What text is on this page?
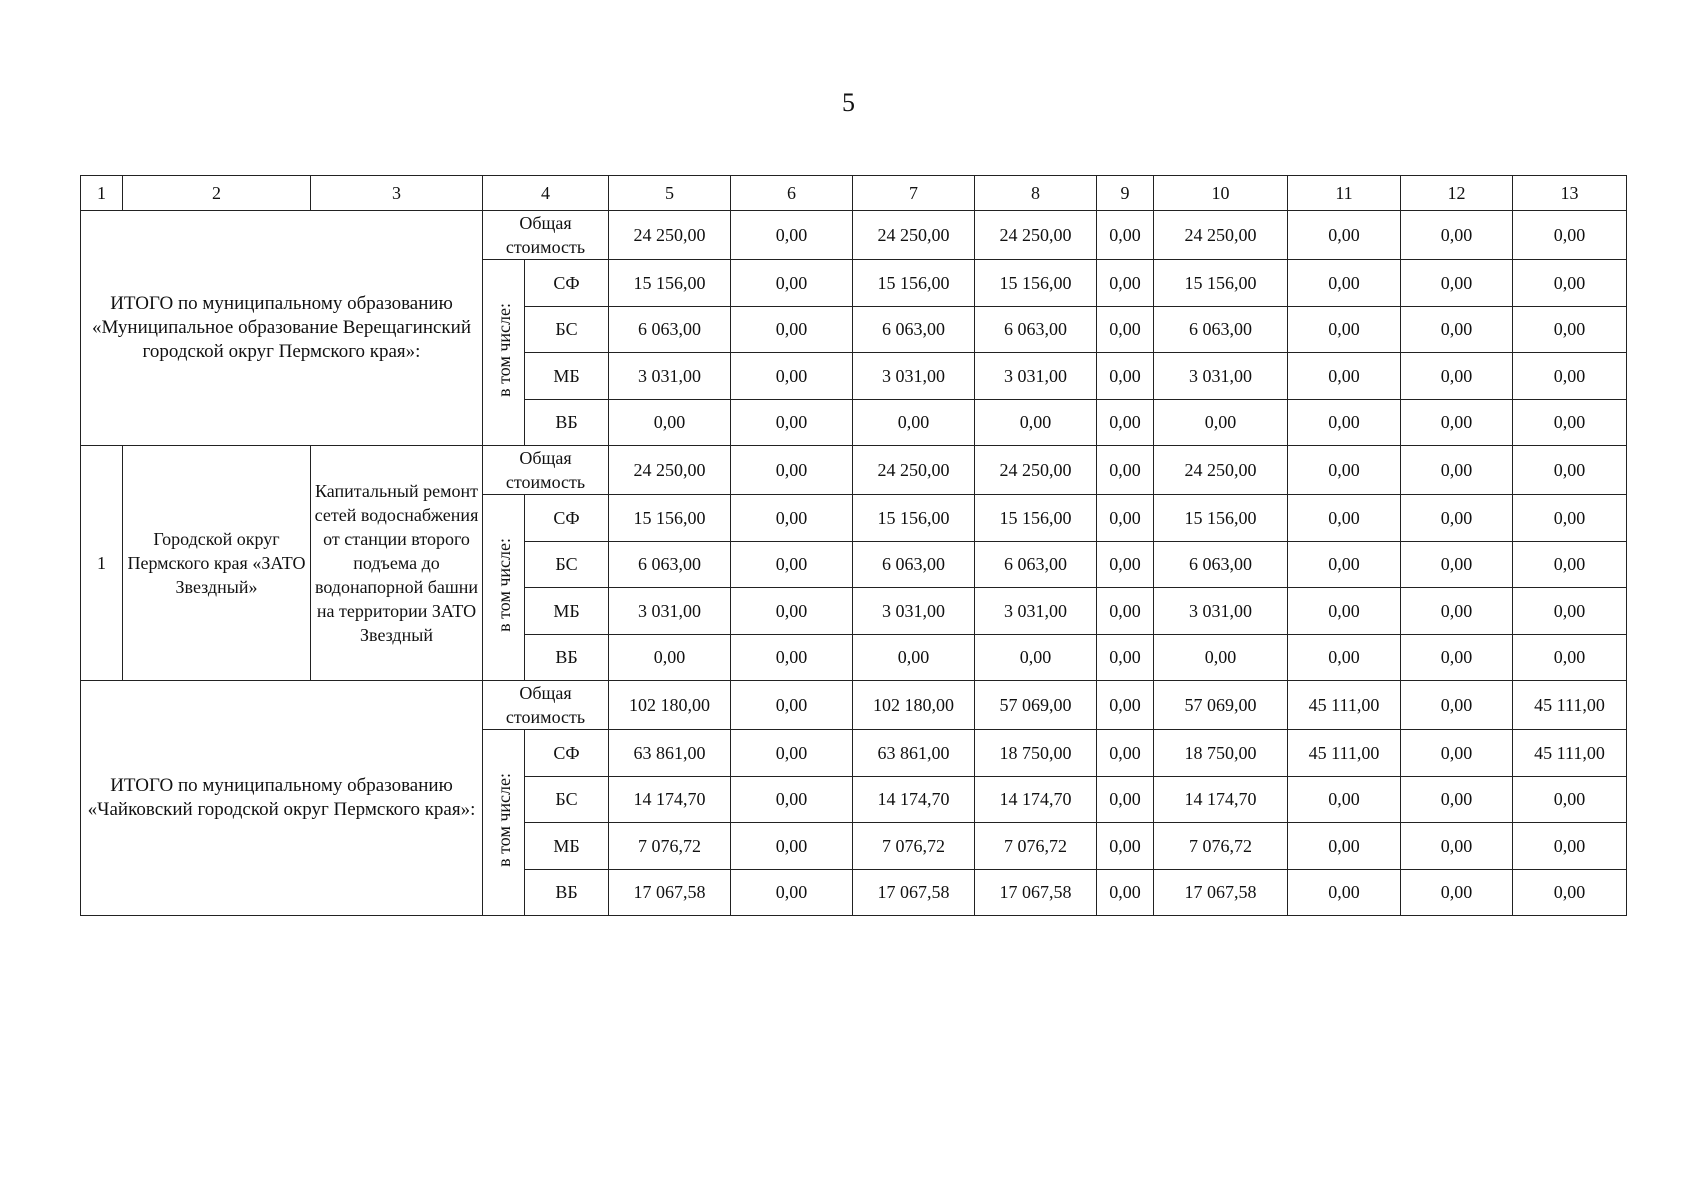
5
1	2	3	4		5	6	7	8	9	10	11	12	13
ИТОГО по муниципальному образованию «Муниципальное образование Верещагинский городской округ Пермского края»:			Общая стоимость		24 250,00	0,00	24 250,00	24 250,00	0,00	24 250,00	0,00	0,00	0,00
			в том числе:	СФ	15 156,00	0,00	15 156,00	15 156,00	0,00	15 156,00	0,00	0,00	0,00
				БС	6 063,00	0,00	6 063,00	6 063,00	0,00	6 063,00	0,00	0,00	0,00
				МБ	3 031,00	0,00	3 031,00	3 031,00	0,00	3 031,00	0,00	0,00	0,00
				ВБ	0,00	0,00	0,00	0,00	0,00	0,00	0,00	0,00	0,00
1	Городской округ Пермского края «ЗАТО Звездный»	Капитальный ремонт сетей водоснабжения от станции второго подъема до водонапорной башни на территории ЗАТО Звездный	Общая стоимость		24 250,00	0,00	24 250,00	24 250,00	0,00	24 250,00	0,00	0,00	0,00
			в том числе:	СФ	15 156,00	0,00	15 156,00	15 156,00	0,00	15 156,00	0,00	0,00	0,00
				БС	6 063,00	0,00	6 063,00	6 063,00	0,00	6 063,00	0,00	0,00	0,00
				МБ	3 031,00	0,00	3 031,00	3 031,00	0,00	3 031,00	0,00	0,00	0,00
				ВБ	0,00	0,00	0,00	0,00	0,00	0,00	0,00	0,00	0,00
ИТОГО по муниципальному образованию «Чайковский городской округ Пермского края»:			Общая стоимость		102 180,00	0,00	102 180,00	57 069,00	0,00	57 069,00	45 111,00	0,00	45 111,00
			в том числе:	СФ	63 861,00	0,00	63 861,00	18 750,00	0,00	18 750,00	45 111,00	0,00	45 111,00
				БС	14 174,70	0,00	14 174,70	14 174,70	0,00	14 174,70	0,00	0,00	0,00
				МБ	7 076,72	0,00	7 076,72	7 076,72	0,00	7 076,72	0,00	0,00	0,00
				ВБ	17 067,58	0,00	17 067,58	17 067,58	0,00	17 067,58	0,00	0,00	0,00
